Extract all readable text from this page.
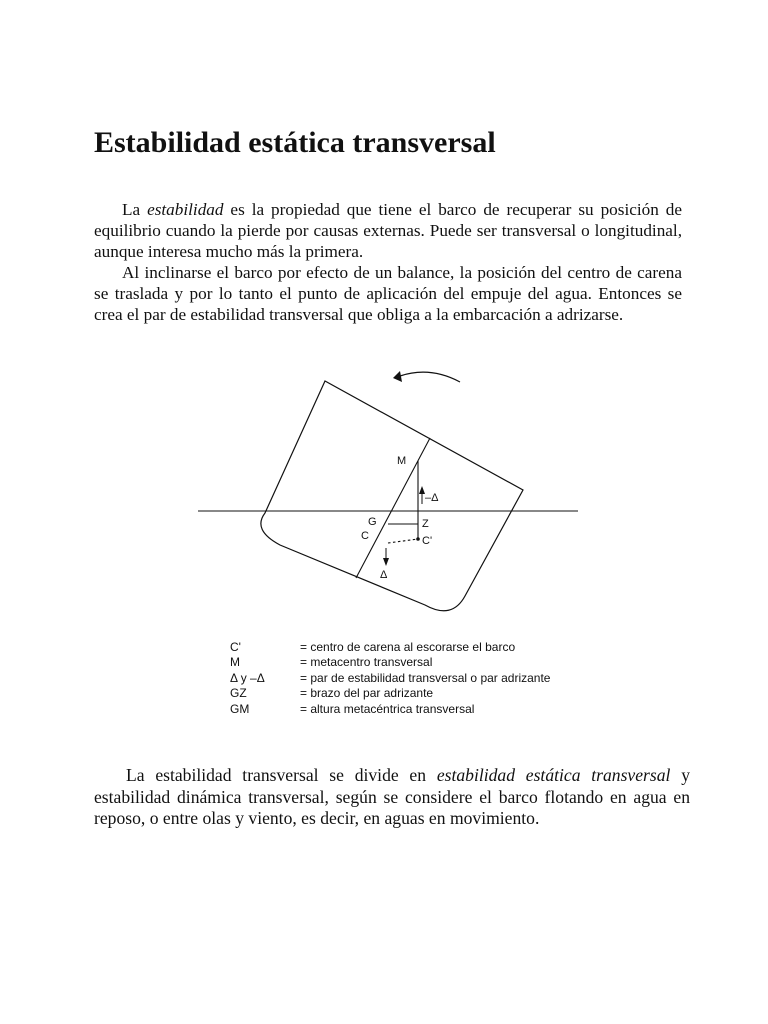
Estabilidad estática transversal

La estabilidad es la propiedad que tiene el barco de recuperar su posición de equilibrio cuando la pierde por causas externas. Puede ser transversal o longitudinal, aunque interesa mucho más la primera.

Al inclinarse el barco por efecto de un balance, la posición del centro de carena se traslada y por lo tanto el punto de aplicación del empuje del agua. Entonces se crea el par de estabilidad transversal que obliga a la embarcación a adrizarse.

M
–Δ
G	Z
C	C'
Δ
C'	= centro de carena al escorarse el barco
M	= metacentro transversal
Δ y –Δ	= par de estabilidad transversal o par adrizante
GZ	= brazo del par adrizante
GM	= altura metacéntrica transversal

La estabilidad transversal se divide en estabilidad estática transversal y estabilidad dinámica transversal, según se considere el barco flotando en agua en reposo, o entre olas y viento, es decir, en aguas en movimiento.
